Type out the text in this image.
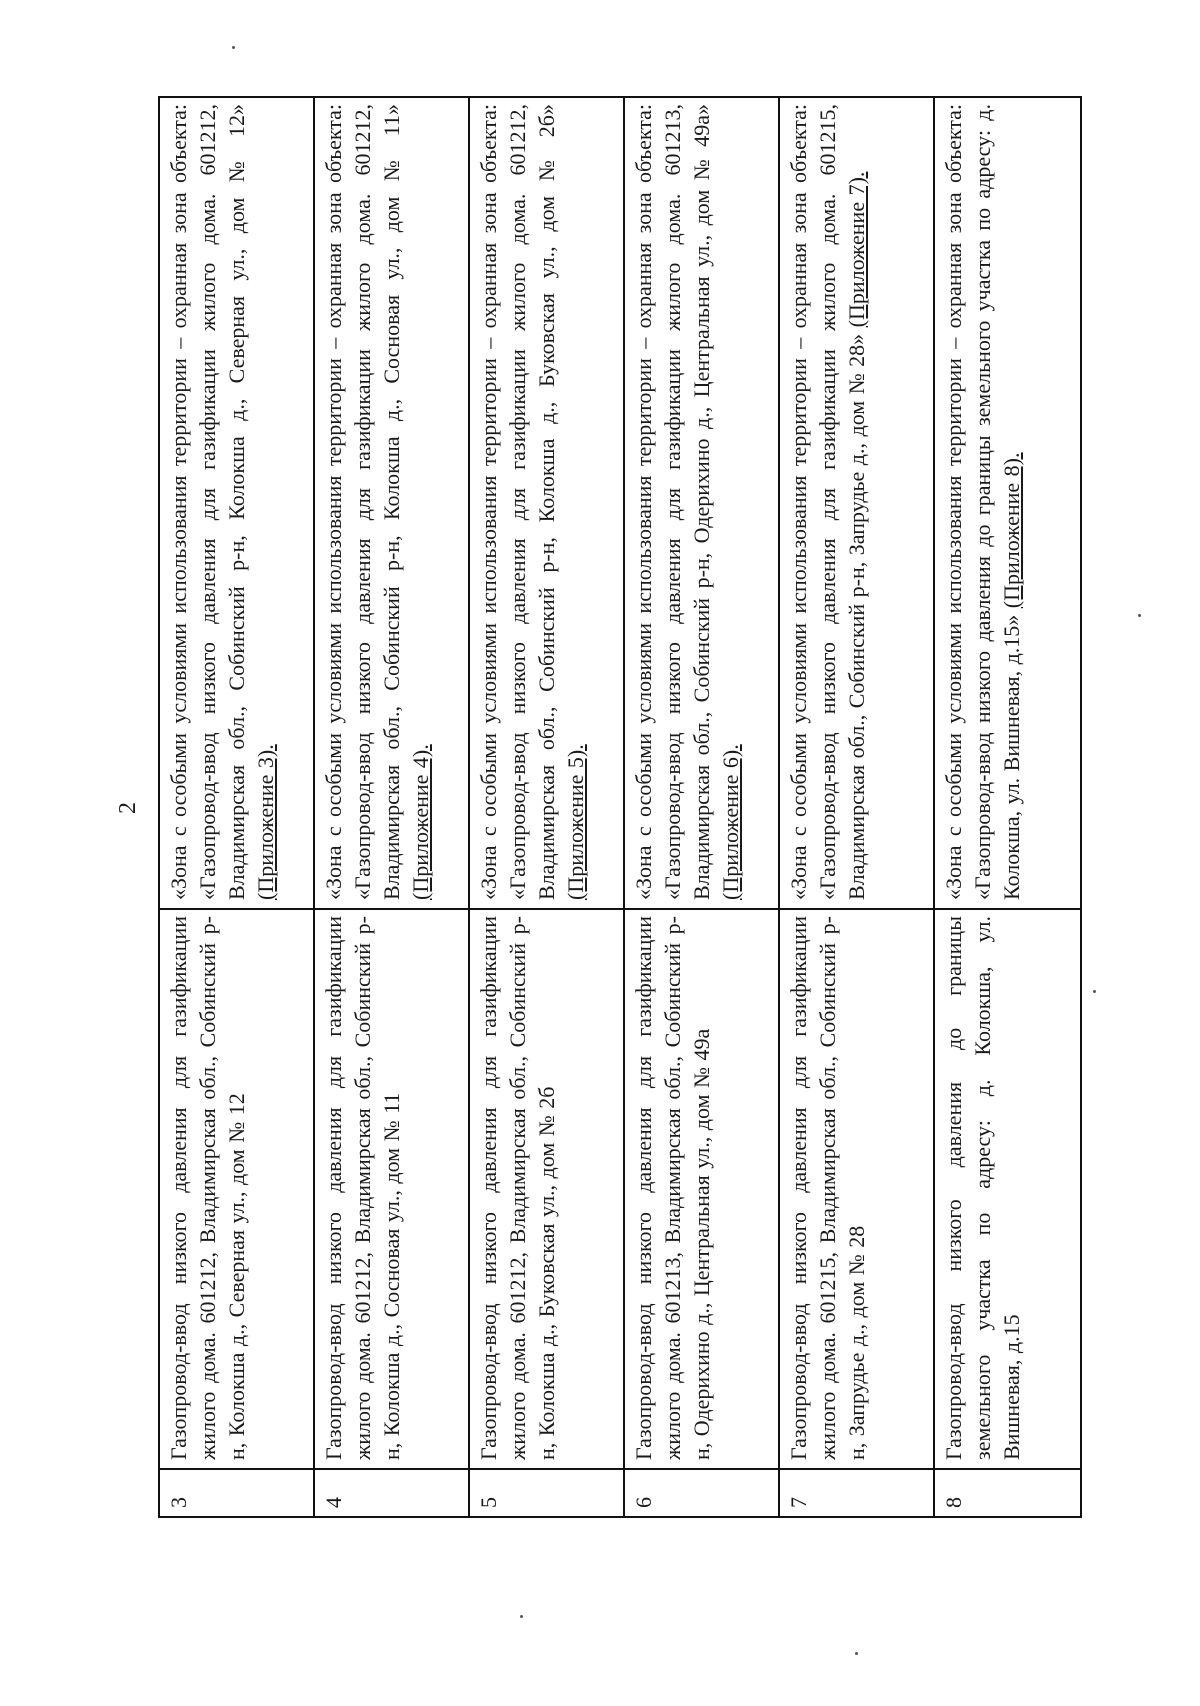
2
3	Газопровод-ввод низкого давления для газификации жилого дома. 601212, Владимирская обл., Собинский р-н, Колокша д., Северная ул., дом № 12	«Зона с особыми условиями использования территории – охранная зона объекта: «Газопровод-ввод низкого давления для газификации жилого дома. 601212, Владимирская обл., Собинский р-н, Колокша д., Северная ул., дом № 12» (Приложение 3).
4	Газопровод-ввод низкого давления для газификации жилого дома. 601212, Владимирская обл., Собинский р-н, Колокша д., Сосновая ул., дом № 11	«Зона с особыми условиями использования территории – охранная зона объекта: «Газопровод-ввод низкого давления для газификации жилого дома. 601212, Владимирская обл., Собинский р-н, Колокша д., Сосновая ул., дом № 11» (Приложение 4).
5	Газопровод-ввод низкого давления для газификации жилого дома. 601212, Владимирская обл., Собинский р-н, Колокша д., Буковская ул., дом № 2б	«Зона с особыми условиями использования территории – охранная зона объекта: «Газопровод-ввод низкого давления для газификации жилого дома. 601212, Владимирская обл., Собинский р-н, Колокша д., Буковская ул., дом № 2б» (Приложение 5).
6	Газопровод-ввод низкого давления для газификации жилого дома. 601213, Владимирская обл., Собинский р-н, Одерихино д., Центральная ул., дом № 49а	«Зона с особыми условиями использования территории – охранная зона объекта: «Газопровод-ввод низкого давления для газификации жилого дома. 601213, Владимирская обл., Собинский р-н, Одерихино д., Центральная ул., дом № 49а» (Приложение 6).
7	Газопровод-ввод низкого давления для газификации жилого дома. 601215, Владимирская обл., Собинский р-н, Запрудье д., дом № 28	«Зона с особыми условиями использования территории – охранная зона объекта: «Газопровод-ввод низкого давления для газификации жилого дома. 601215, Владимирская обл., Собинский р-н, Запрудье д., дом № 28» (Приложение 7).
8	Газопровод-ввод низкого давления до границы земельного участка по адресу: д. Колокша, ул. Вишневая, д.15	«Зона с особыми условиями использования территории – охранная зона объекта: «Газопровод-ввод низкого давления до границы земельного участка по адресу: д. Колокша, ул. Вишневая, д.15» (Приложение 8).
